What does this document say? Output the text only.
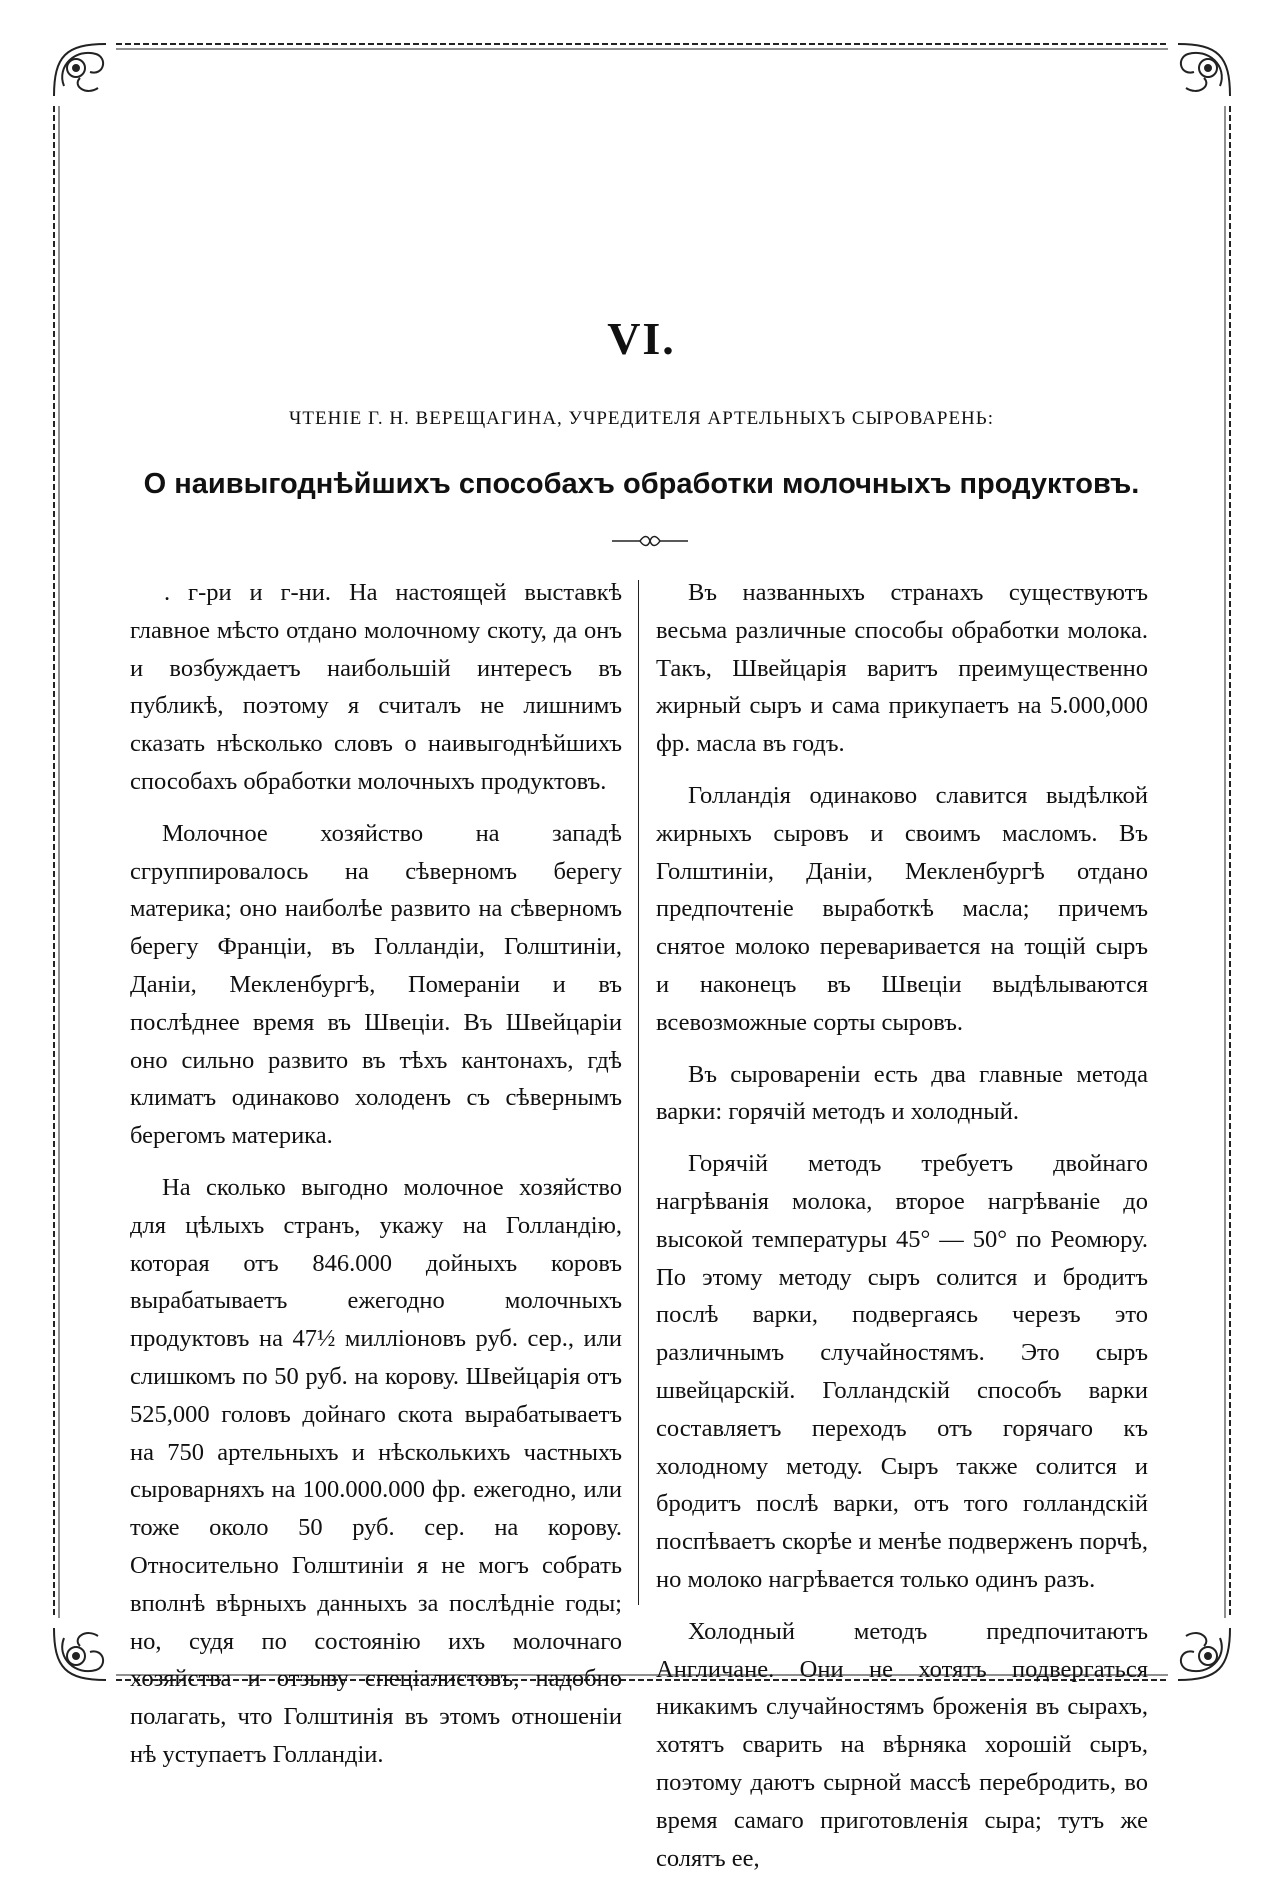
VI.
ЧТЕНІЕ Г. Н. ВЕРЕЩАГИНА, УЧРЕДИТЕЛЯ АРТЕЛЬНЫХЪ СЫРОВАРЕНЬ:
О наивыгоднѣйшихъ способахъ обработки молочныхъ продуктовъ.

. г-ри и г-ни. На настоящей выставкѣ главное мѣсто отдано молочному скоту, да онъ и возбуждаетъ наибольшій интересъ въ публикѣ, поэтому я считалъ не лишнимъ сказать нѣсколько словъ о наивыгоднѣйшихъ способахъ обработки молочныхъ продуктовъ.

Молочное хозяйство на западѣ сгруппировалось на сѣверномъ берегу материка; оно наиболѣе развито на сѣверномъ берегу Франціи, въ Голландіи, Голштиніи, Даніи, Мекленбургѣ, Помераніи и въ послѣднее время въ Швеціи. Въ Швейцаріи оно сильно развито въ тѣхъ кантонахъ, гдѣ климатъ одинаково холоденъ съ сѣвернымъ берегомъ материка.

На сколько выгодно молочное хозяйство для цѣлыхъ странъ, укажу на Голландію, которая отъ 846.000 дойныхъ коровъ вырабатываетъ ежегодно молочныхъ продуктовъ на 47½ милліоновъ руб. сер., или слишкомъ по 50 руб. на корову. Швейцарія отъ 525,000 головъ дойнаго скота вырабатываетъ на 750 артельныхъ и нѣсколькихъ частныхъ сыроварняхъ на 100.000.000 фр. ежегодно, или тоже около 50 руб. сер. на корову. Относительно Голштиніи я не могъ собрать вполнѣ вѣрныхъ данныхъ за послѣдніе годы; но, судя по состоянію ихъ молочнаго хозяйства и отзыву спеціалистовъ, надобно полагать, что Голштинія въ этомъ отношеніи нѣ уступаетъ Голландіи.

Въ названныхъ странахъ существуютъ весьма различные способы обработки молока. Такъ, Швейцарія варитъ преимущественно жирный сыръ и сама прикупаетъ на 5.000,000 фр. масла въ годъ.

Голландія одинаково славится выдѣлкой жирныхъ сыровъ и своимъ масломъ. Въ Голштиніи, Даніи, Мекленбургѣ отдано предпочтеніе выработкѣ масла; причемъ снятое молоко переваривается на тощій сыръ и наконецъ въ Швеціи выдѣлываются всевозможные сорты сыровъ.

Въ сыровареніи есть два главные метода варки: горячій методъ и холодный.

Горячій методъ требуетъ двойнаго нагрѣванія молока, второе нагрѣваніе до высокой температуры 45° — 50° по Реомюру. По этому методу сыръ солится и бродитъ послѣ варки, подвергаясь черезъ это различнымъ случайностямъ. Это сыръ швейцарскій. Голландскій способъ варки составляетъ переходъ отъ горячаго къ холодному методу. Сыръ также солится и бродитъ послѣ варки, отъ того голландскій поспѣваетъ скорѣе и менѣе подверженъ порчѣ, но молоко нагрѣвается только одинъ разъ.

Холодный методъ предпочитаютъ Англичане. Они не хотятъ подвергаться никакимъ случайностямъ броженія въ сырахъ, хотятъ сварить на вѣрняка хорошій сыръ, поэтому даютъ сырной массѣ перебродить, во время самаго приготовленія сыра; тутъ же солятъ ее,
